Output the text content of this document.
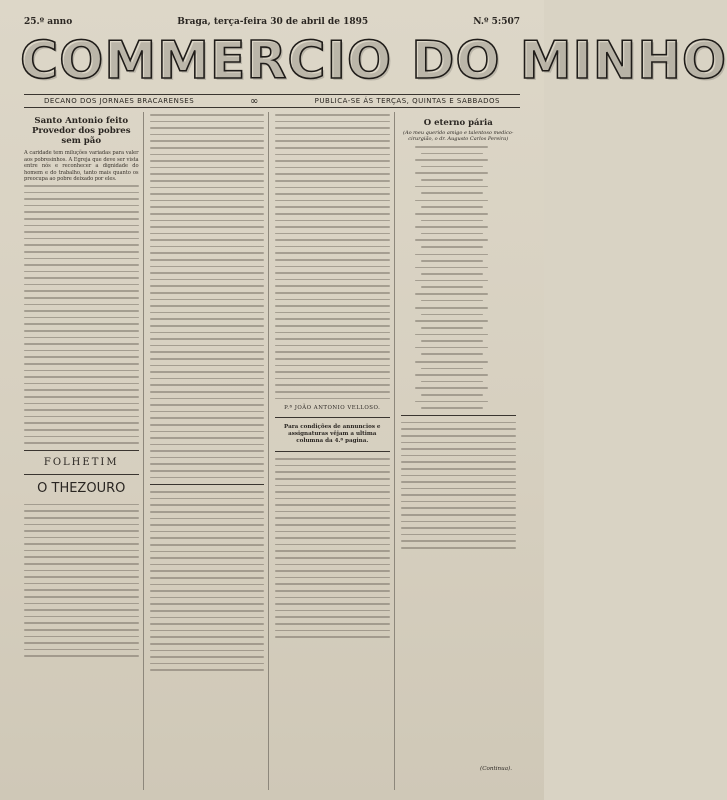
25.º anno	Braga, terça-feira 30 de abril de 1895	N.º 5:507
COMMERCIO DO MINHO
DECANO DOS JORNAES BRACARENSES	∞	PUBLICA-SE ÁS TERÇAS, QUINTAS E SABBADOS
Santo Antonio feito Provedor dos pobres sem pão

A caridade tem miluções variadas para valer aos pobresinhos. A Egreja que deve ser vista entre nós e reconhecer a dignidade do homem e do trabalho, tanto mais quanto os preocupa ao pobre deixado por eles.

FOLHETIM
O THEZOURO
P.ª JOÃO ANTONIO VELLOSO.
Para condições de annuncios e assignaturas vêjam a ultima columna da 4.ª pagina.
O eterno pária
(Ao meu querido amigo e talentoso medico-cirurgião, o dr. Augusto Carlos Pereira)
(Continua).
